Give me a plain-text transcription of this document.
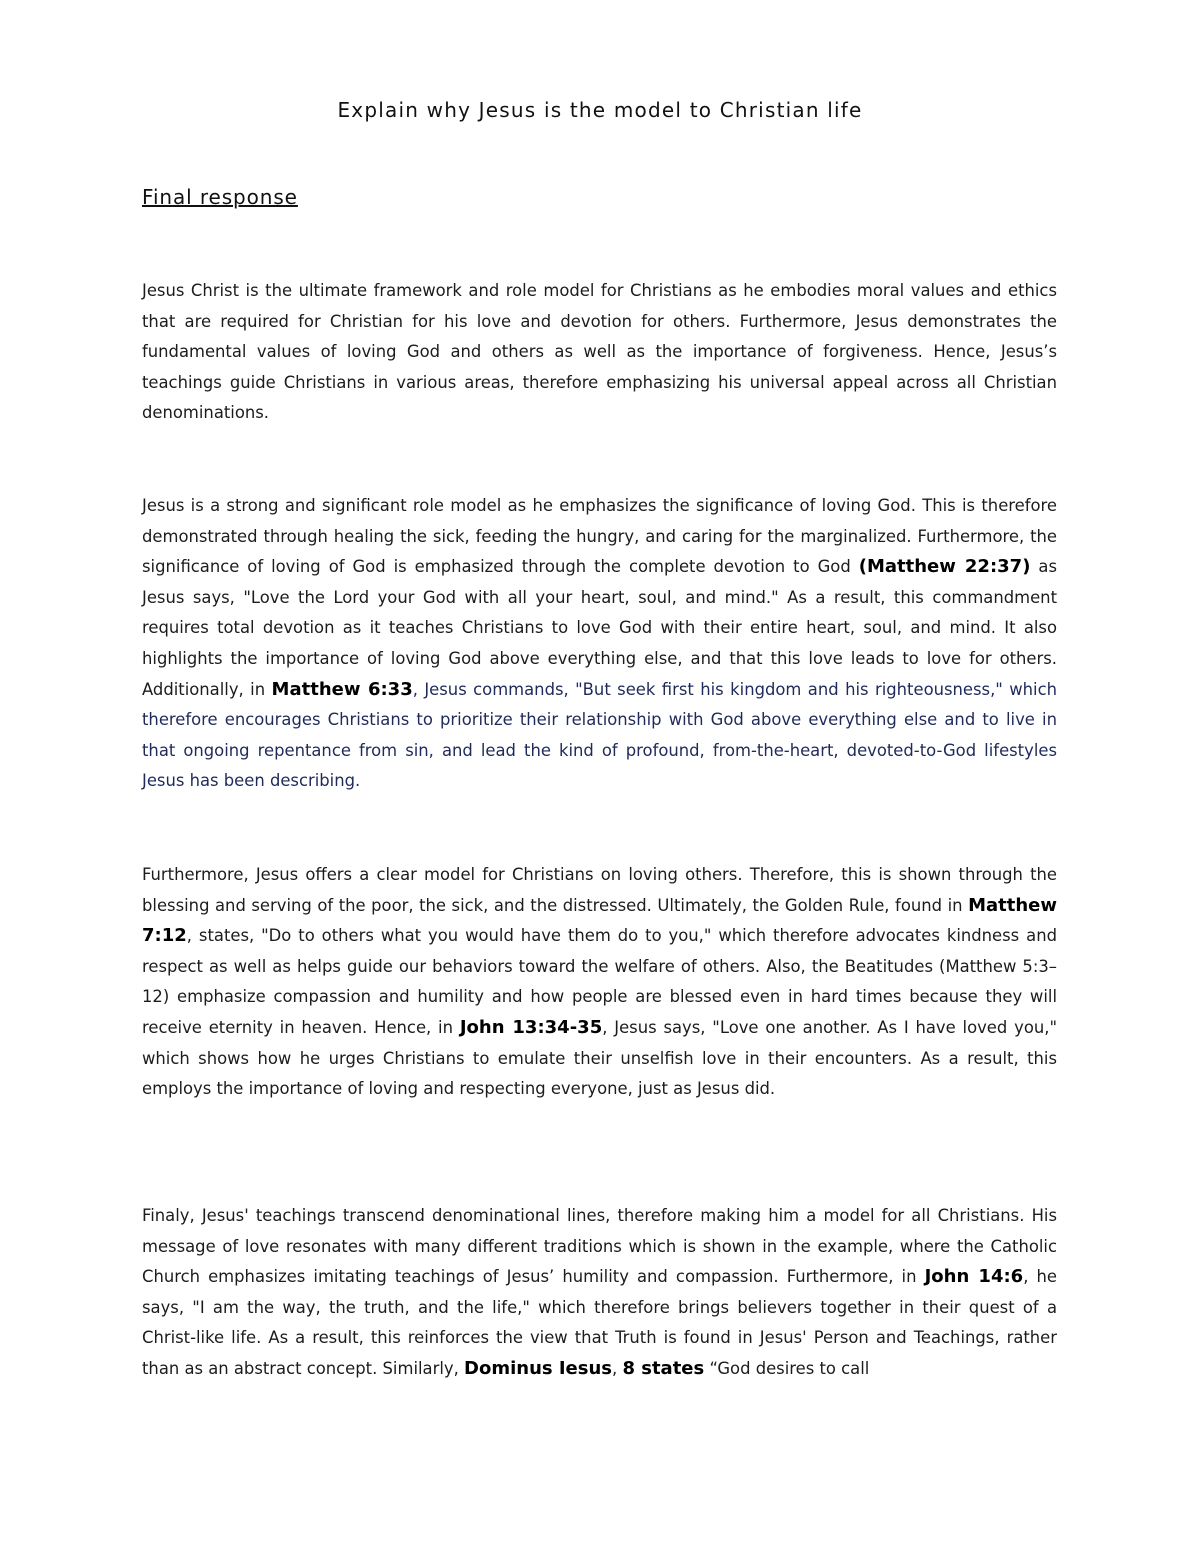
Explain why Jesus is the model to Christian life
Final response

Jesus Christ is the ultimate framework and role model for Christians as he embodies moral values and ethics that are required for Christian for his love and devotion for others. Furthermore, Jesus demonstrates the fundamental values of loving God and others as well as the importance of forgiveness. Hence, Jesus’s teachings guide Christians in various areas, therefore emphasizing his universal appeal across all Christian denominations.

Jesus is a strong and significant role model as he emphasizes the significance of loving God. This is therefore demonstrated through healing the sick, feeding the hungry, and caring for the marginalized. Furthermore, the significance of loving of God is emphasized through the complete devotion to God (Matthew 22:37) as Jesus says, "Love the Lord your God with all your heart, soul, and mind." As a result, this commandment requires total devotion as it teaches Christians to love God with their entire heart, soul, and mind. It also highlights the importance of loving God above everything else, and that this love leads to love for others. Additionally, in Matthew 6:33, Jesus commands, "But seek first his kingdom and his righteousness," which therefore encourages Christians to prioritize their relationship with God above everything else and to live in that ongoing repentance from sin, and lead the kind of profound, from-the-heart, devoted-to-God lifestyles Jesus has been describing.

Furthermore, Jesus offers a clear model for Christians on loving others. Therefore, this is shown through the blessing and serving of the poor, the sick, and the distressed. Ultimately, the Golden Rule, found in Matthew 7:12, states, "Do to others what you would have them do to you," which therefore advocates kindness and respect as well as helps guide our behaviors toward the welfare of others. Also, the Beatitudes (Matthew 5:3–12) emphasize compassion and humility and how people are blessed even in hard times because they will receive eternity in heaven. Hence, in John 13:34-35, Jesus says, "Love one another. As I have loved you," which shows how he urges Christians to emulate their unselfish love in their encounters. As a result, this employs the importance of loving and respecting everyone, just as Jesus did.

Finaly, Jesus' teachings transcend denominational lines, therefore making him a model for all Christians. His message of love resonates with many different traditions which is shown in the example, where the Catholic Church emphasizes imitating teachings of Jesus’ humility and compassion. Furthermore, in John 14:6, he says, "I am the way, the truth, and the life," which therefore brings believers together in their quest of a Christ-like life. As a result, this reinforces the view that Truth is found in Jesus' Person and Teachings, rather than as an abstract concept. Similarly, Dominus Iesus, 8 states “God desires to call
